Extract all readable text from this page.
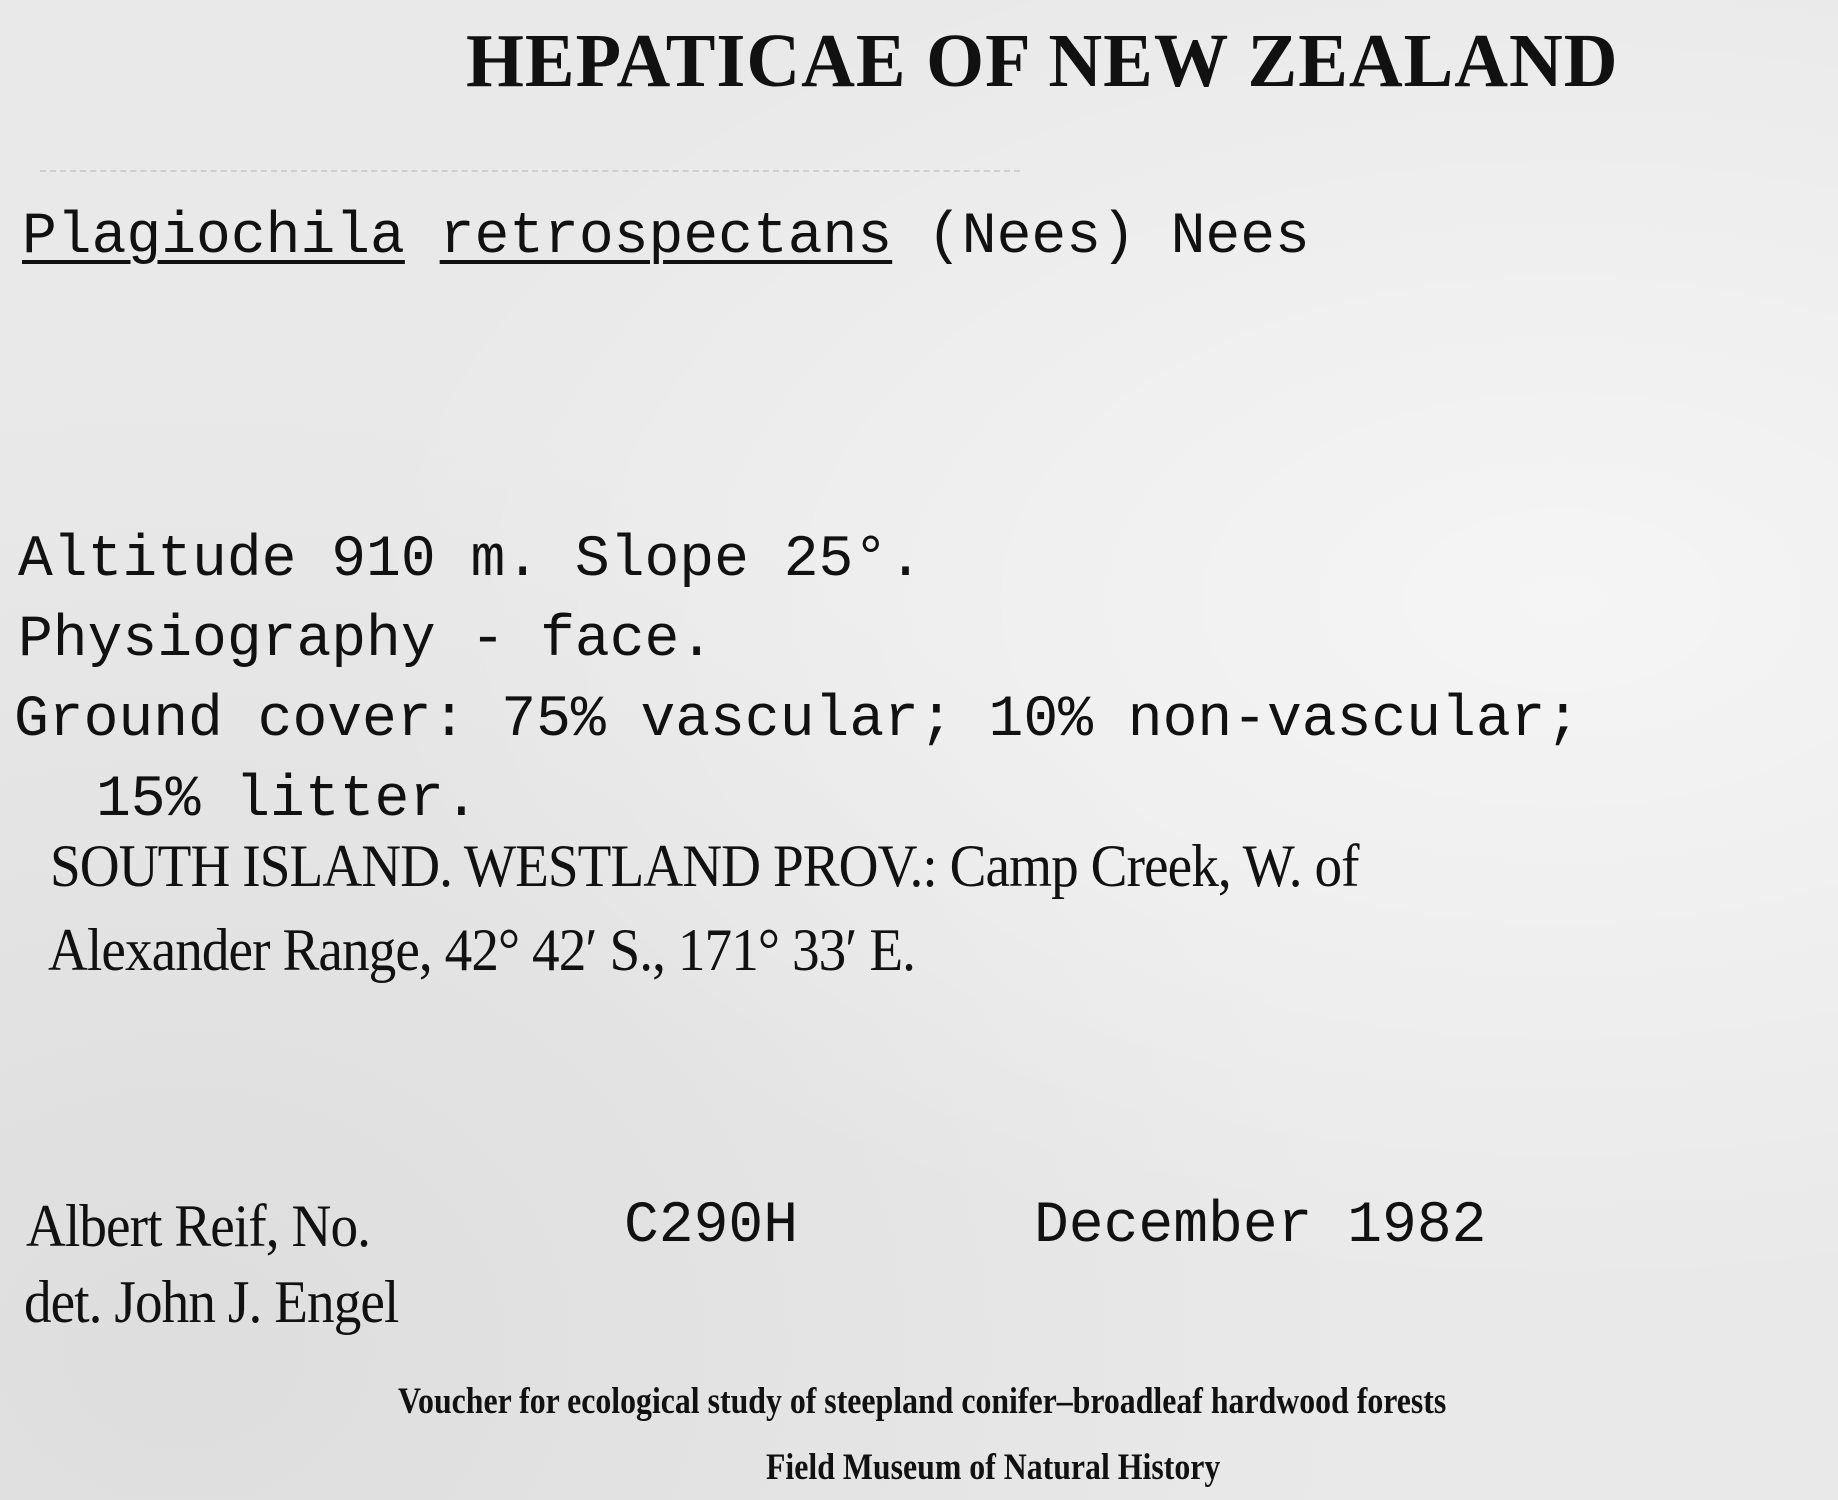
HEPATICAE OF NEW ZEALAND
Plagiochila retrospectans (Nees) Nees
Altitude 910 m. Slope 25°.
Physiography - face.
Ground cover: 75% vascular; 10% non-vascular;
15% litter.
SOUTH ISLAND. WESTLAND PROV.: Camp Creek, W. of
Alexander Range, 42° 42′ S., 171° 33′ E.
Albert Reif, No.	C290H	December 1982
det. John J. Engel
Voucher for ecological study of steepland conifer–broadleaf hardwood forests
Field Museum of Natural History
